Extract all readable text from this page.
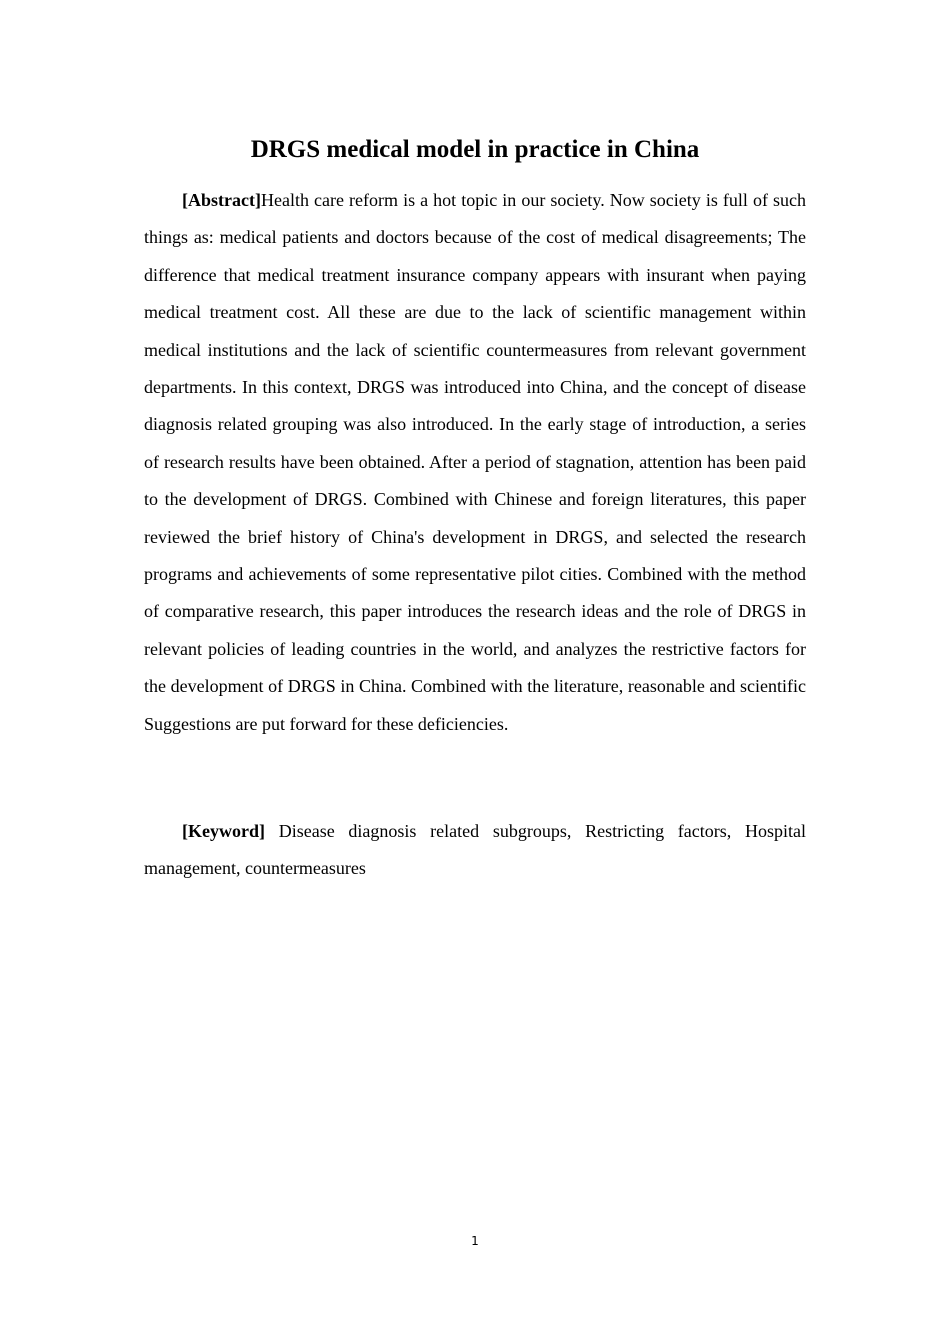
DRGS medical model in practice in China

[Abstract]Health care reform is a hot topic in our society. Now society is full of such things as: medical patients and doctors because of the cost of medical disagreements; The difference that medical treatment insurance company appears with insurant when paying medical treatment cost. All these are due to the lack of scientific management within medical institutions and the lack of scientific countermeasures from relevant government departments. In this context, DRGS was introduced into China, and the concept of disease diagnosis related grouping was also introduced. In the early stage of introduction, a series of research results have been obtained. After a period of stagnation, attention has been paid to the development of DRGS. Combined with Chinese and foreign literatures, this paper reviewed the brief history of China's development in DRGS, and selected the research programs and achievements of some representative pilot cities. Combined with the method of comparative research, this paper introduces the research ideas and the role of DRGS in relevant policies of leading countries in the world, and analyzes the restrictive factors for the development of DRGS in China. Combined with the literature, reasonable and scientific Suggestions are put forward for these deficiencies.

[Keyword] Disease diagnosis related subgroups, Restricting factors, Hospital management, countermeasures

1
